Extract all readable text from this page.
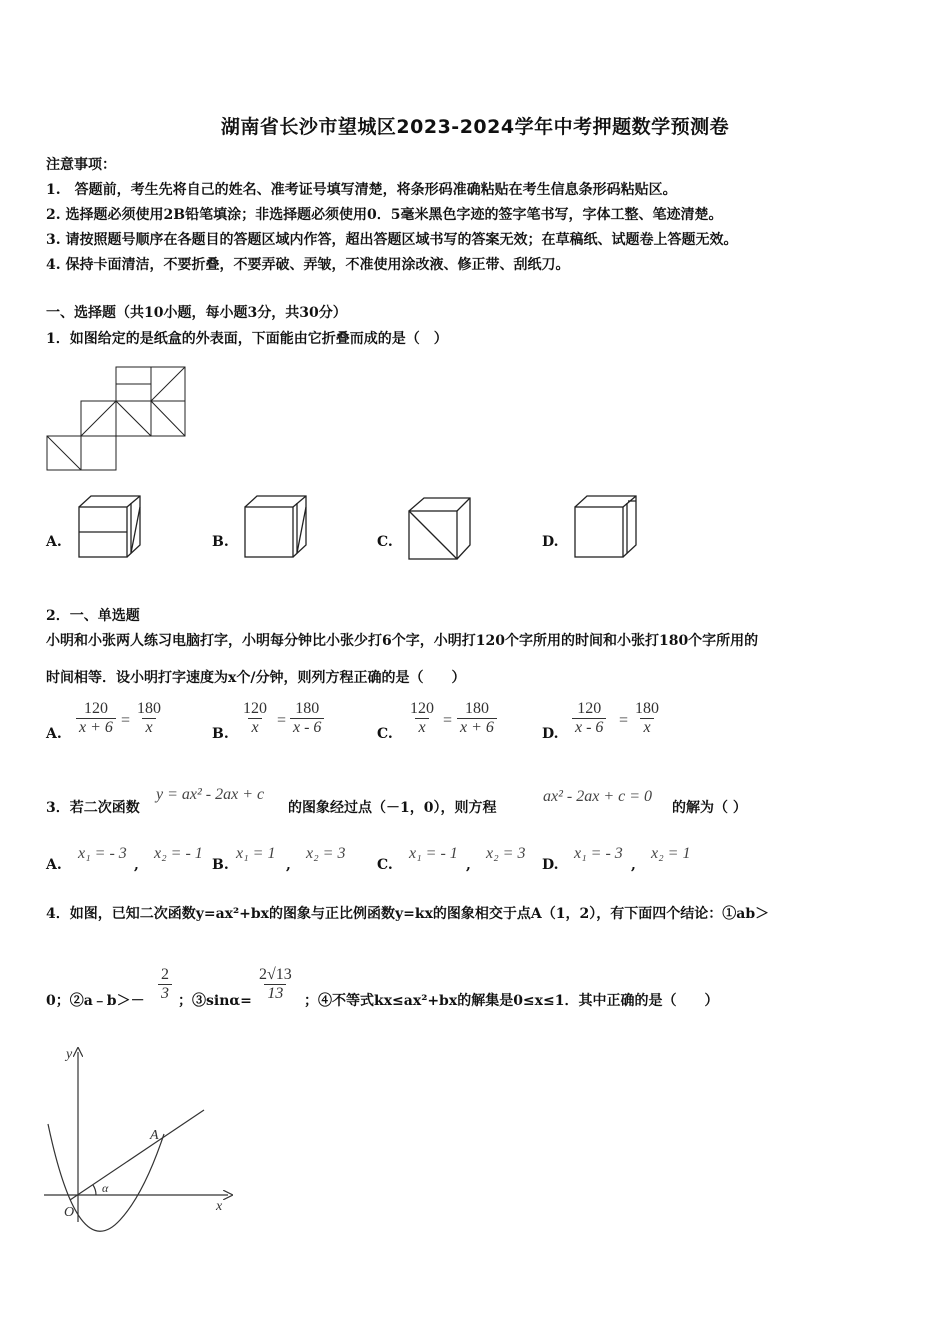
湖南省长沙市望城区2023-2024学年中考押题数学预测卷
注意事项：
1.　答题前，考生先将自己的姓名、准考证号填写清楚，将条形码准确粘贴在考生信息条形码粘贴区。
2. 选择题必须使用2B铅笔填涂；非选择题必须使用0．5毫米黑色字迹的签字笔书写，字体工整、笔迹清楚。
3. 请按照题号顺序在各题目的答题区域内作答，超出答题区域书写的答案无效；在草稿纸、试题卷上答题无效。
4. 保持卡面清洁，不要折叠，不要弄破、弄皱，不准使用涂改液、修正带、刮纸刀。
一、选择题（共10小题，每小题3分，共30分）
1．如图给定的是纸盒的外表面，下面能由它折叠而成的是（　）
A.	B.	C.	D.
2．一、单选题
小明和小张两人练习电脑打字，小明每分钟比小张少打6个字，小明打120个字所用的时间和小张打180个字所用的
时间相等．设小明打字速度为x个/分钟，则列方程正确的是（　　）
A. $\frac{120}{x + 6} = \frac{180}{x}$	B. $\frac{120}{x} = \frac{180}{x - 6}$	C. $\frac{120}{x} = \frac{180}{x + 6}$	D. $\frac{120}{x - 6} = \frac{180}{x}$
3．若二次函数
y = ax² - 2ax + c
的图象经过点（－1，0），则方程
ax² - 2ax + c = 0
的解为（ ）
A.
x₁ = - 3
,
x₂ = - 1
B.
x₁ = 1
,
x₂ = 3
C.
x₁ = - 1
,
x₂ = 3
D.
x₁ = - 3
,
x₂ = 1
4．如图，已知二次函数y=ax²+bx的图象与正比例函数y=kx的图象相交于点A（1，2），有下面四个结论：①ab＞
0；②a﹣b＞－ $\frac{2}{3}$ ；③sinα= $\frac{2√13}{13}$ ；④不等式kx≤ax²+bx的解集是0≤x≤1．其中正确的是（　　）
y
x
O
A
α
